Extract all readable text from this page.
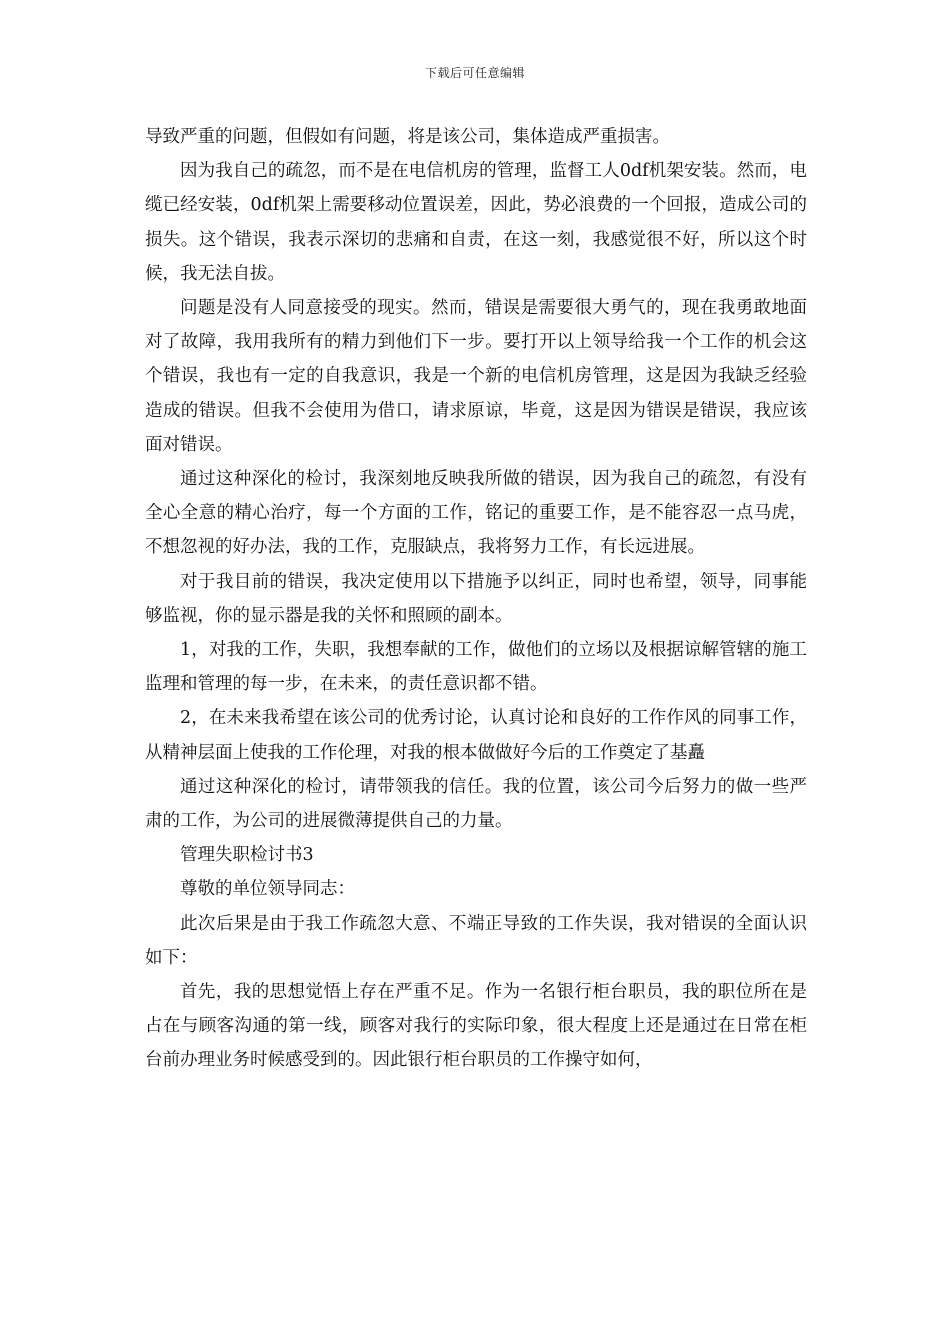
下载后可任意编辑

导致严重的问题，但假如有问题，将是该公司，集体造成严重损害。

因为我自己的疏忽，而不是在电信机房的管理，监督工人0df机架安装。然而，电缆已经安装，0df机架上需要移动位置误差，因此，势必浪费的一个回报，造成公司的损失。这个错误，我表示深切的悲痛和自责，在这一刻，我感觉很不好，所以这个时候，我无法自拔。

问题是没有人同意接受的现实。然而，错误是需要很大勇气的，现在我勇敢地面对了故障，我用我所有的精力到他们下一步。要打开以上领导给我一个工作的机会这个错误，我也有一定的自我意识，我是一个新的电信机房管理，这是因为我缺乏经验造成的错误。但我不会使用为借口，请求原谅，毕竟，这是因为错误是错误，我应该面对错误。

通过这种深化的检讨，我深刻地反映我所做的错误，因为我自己的疏忽，有没有全心全意的精心治疗，每一个方面的工作，铭记的重要工作，是不能容忍一点马虎，不想忽视的好办法，我的工作，克服缺点，我将努力工作，有长远进展。

对于我目前的错误，我决定使用以下措施予以纠正，同时也希望，领导，同事能够监视，你的显示器是我的关怀和照顾的副本。

1，对我的工作，失职，我想奉献的工作，做他们的立场以及根据谅解管辖的施工监理和管理的每一步，在未来，的责任意识都不错。

2，在未来我希望在该公司的优秀讨论，认真讨论和良好的工作作风的同事工作，从精神层面上使我的工作伦理，对我的根本做做好今后的工作奠定了基矗

通过这种深化的检讨，请带领我的信任。我的位置，该公司今后努力的做一些严肃的工作，为公司的进展微薄提供自己的力量。

管理失职检讨书3

尊敬的单位领导同志：

此次后果是由于我工作疏忽大意、不端正导致的工作失误，我对错误的全面认识如下：

首先，我的思想觉悟上存在严重不足。作为一名银行柜台职员，我的职位所在是占在与顾客沟通的第一线，顾客对我行的实际印象，很大程度上还是通过在日常在柜台前办理业务时候感受到的。因此银行柜台职员的工作操守如何，
